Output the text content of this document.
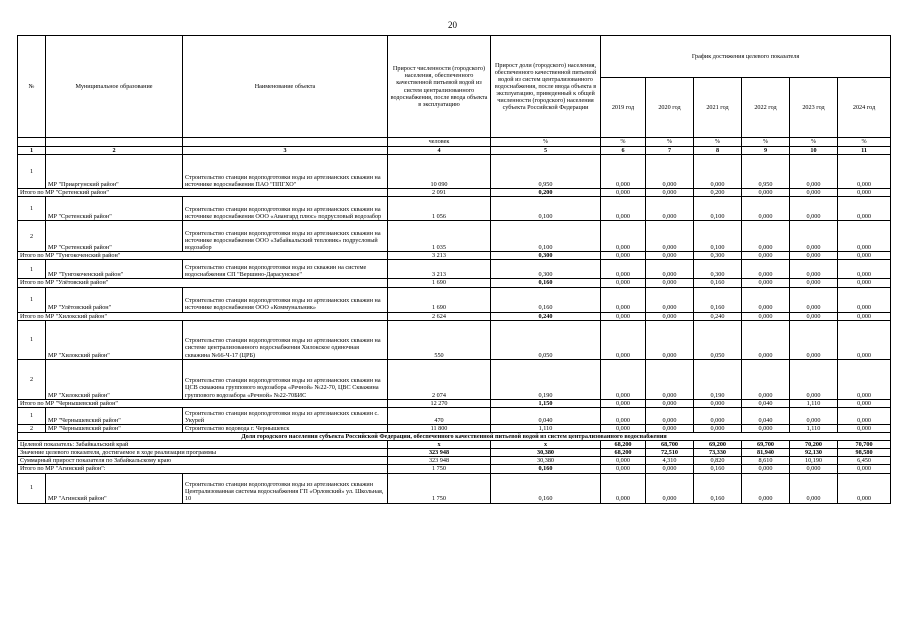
20
№	Муниципальное образование	Наименование объекта	Прирост численности (городского) населения, обеспеченного качественной питьевой водой из систем централизованного водоснабжения, после ввода объекта в эксплуатацию	Прирост доли (городского) населения, обеспеченного качественной питьевой водой из систем централизованного водоснабжения, после ввода объекта в эксплуатацию, приведенный к общей численности (городского) населения субъекта Российской Федерации	График достижения целевого показателя					
					2019 год	2020 год	2021 год	2022 год	2023 год	2024 год
			человек	%	%	%	%	%	%	%
1	2	3	4	5	6	7	8	9	10	11
1	МР "Приаргунский район"	Строительство станции водоподготовки воды из артезианских скважин на источнике водоснабжения ПАО "ППГХО"	10 090	0,950	0,000	0,000	0,000	0,950	0,000	0,000
Итого по МР "Сретенский район"			2 091	0,200	0,000	0,000	0,200	0,000	0,000	0,000
1	МР "Сретенский район"	Строительство станции водоподготовки воды из артезианских скважин на источнике водоснабжения ООО «Авангард плюс» подрусловый водозабор	1 056	0,100	0,000	0,000	0,100	0,000	0,000	0,000
2	МР "Сретенский район"	Строительство станции водоподготовки воды из артезианских скважин на источнике водоснабжения ООО «Забайкальский тепловик» подрусловый водозабор	1 035	0,100	0,000	0,000	0,100	0,000	0,000	0,000
Итого по МР "Тунгокоченский район"			3 213	0,300	0,000	0,000	0,300	0,000	0,000	0,000
1	МР "Тунгокоченский район"	Строительство станции водоподготовки воды из скважин на системе водоснабжения СП "Вершино-Дарасунское"	3 213	0,300	0,000	0,000	0,300	0,000	0,000	0,000
Итого по МР "Улётовский район"			1 690	0,160	0,000	0,000	0,160	0,000	0,000	0,000
1	МР "Улётовский район"	Строительство станции водоподготовки воды из артезианских скважин на источнике водоснабжения ООО «Коммунальник»	1 690	0,160	0,000	0,000	0,160	0,000	0,000	0,000
Итого по МР "Хилокский район"			2 624	0,240	0,000	0,000	0,240	0,000	0,000	0,000
1	МР "Хилокский район"	Строительство станции водоподготовки воды из артезианских скважин на системе централизованного водоснабжения Хилокское одиночная скважина №66-Ч-17 (ЦРБ)	550	0,050	0,000	0,000	0,050	0,000	0,000	0,000
2	МР "Хилокский район"	Строительство станции водоподготовки воды из артезианских скважин на ЦСВ скважина группового водозабора «Речной» №22-70, ЦВС Скважина группового водозабора «Речной» №22-70БИС	2 074	0,190	0,000	0,000	0,190	0,000	0,000	0,000
Итого по МР "Чернышевский район"			12 270	1,150	0,000	0,000	0,000	0,040	1,110	0,000
1	МР "Чернышевский район"	Строительство станции водоподготовки воды из артезианских скважин с. Укурей	470	0,040	0,000	0,000	0,000	0,040	0,000	0,000
2	МР "Чернышевский район"	Строительство водовода г. Чернышевск	11 800	1,110	0,000	0,000	0,000	0,000	1,110	0,000
Доля городского населения субъекта Российской Федерации, обеспеченного качественной питьевой водой из систем централизованного водоснабжения										
Целевой показатель: Забайкальский край			x	x	68,200	68,700	69,200	69,700	70,200	70,700
Значение целевого показателя, достигаемое в ходе реализации программы			323 948	30,380	68,200	72,510	73,330	81,940	92,130	98,580
Суммарный прирост показателя по Забайкальскому краю			323 948	30,380	0,000	4,310	0,820	8,610	10,190	6,450
Итого по МР "Агинский район":			1 750	0,160	0,000	0,000	0,160	0,000	0,000	0,000
1	МР "Агинский район"	Строительство станции водоподготовки воды из артезианских скважин Централизованная система водоснабжения ГП «Орловский» ул. Школьная, 10	1 750	0,160	0,000	0,000	0,160	0,000	0,000	0,000
